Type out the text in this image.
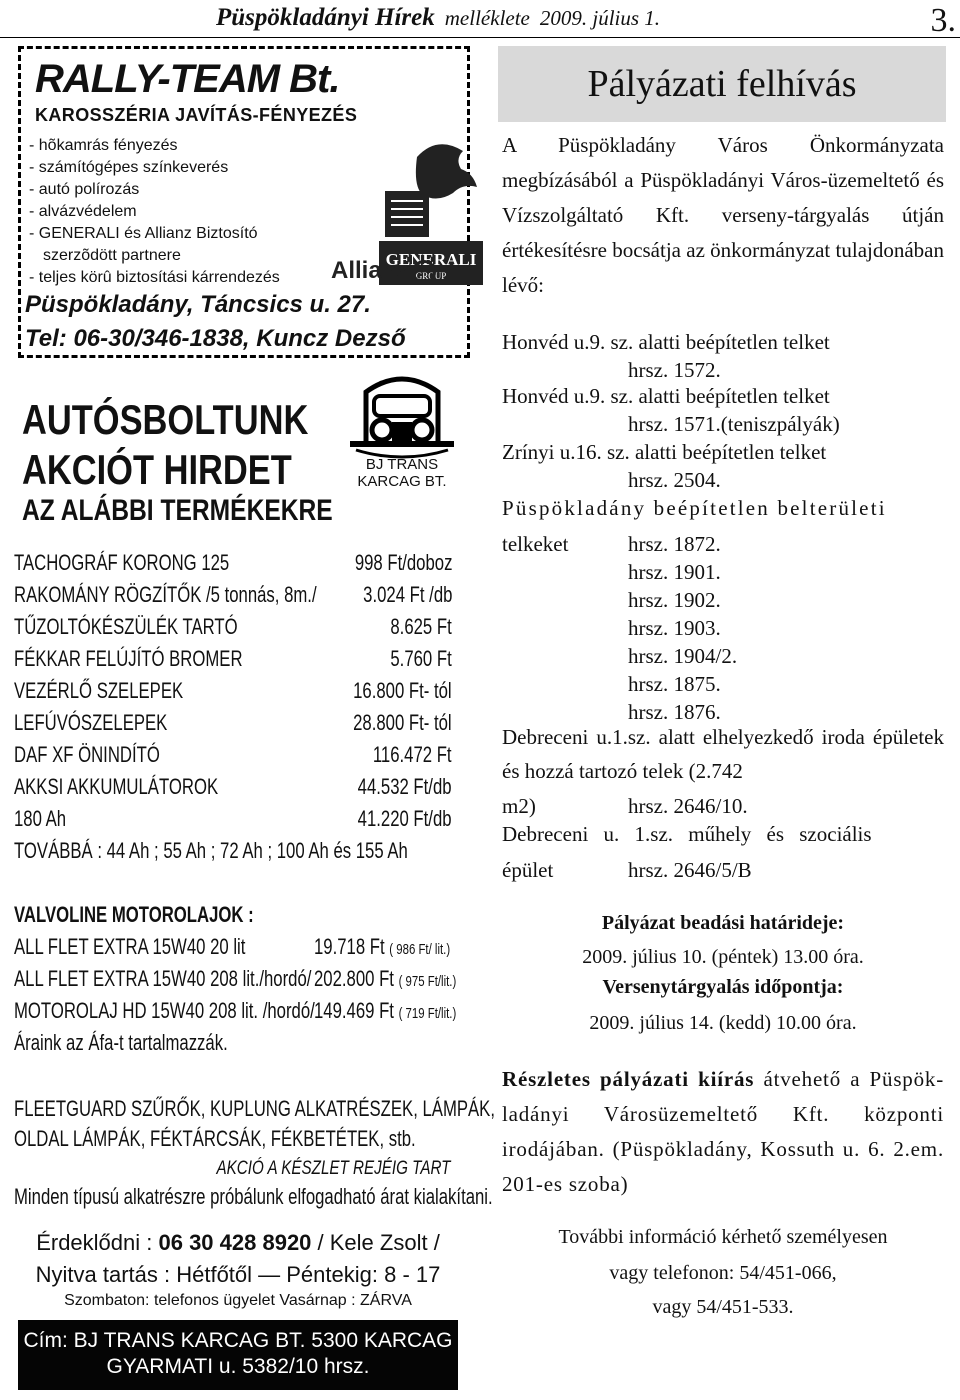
Püspökladányi Hírek melléklete 2009. július 1.	3.
RALLY-TEAM Bt.
KAROSSZÉRIA JAVÍTÁS-FÉNYEZÉS
- hõkamrás fényezés
- számítógépes színkeverés
- autó polírozás
- alvázvédelem
- GENERALI és Allianz Biztosító
szerzõdött partnere
- teljes körû biztosítási kárrendezés
GENERALI
GROUP
Allianz
Püspökladány, Táncsics u. 27.
Tel: 06-30/346-1838, Kuncz Dezső
AUTÓSBOLTUNK
AKCIÓT HIRDET
AZ ALÁBBI TERMÉKEKRE
BJ TRANS
KARCAG BT.
TACHOGRÁF KORONG 125	998 Ft/doboz
RAKOMÁNY RÖGZÍTŐK /5 tonnás, 8m./ 3.024 Ft /db
TŰZOLTÓKÉSZÜLÉK TARTÓ	8.625 Ft
FÉKKAR FELÚJÍTÓ BROMER	5.760 Ft
VEZÉRLŐ SZELEPEK	16.800 Ft- tól
LEFÚVÓSZELEPEK	28.800 Ft- tól
DAF XF ÖNINDÍTÓ	116.472 Ft
AKKSI AKKUMULÁTOROK	44.532 Ft/db
180 Ah	41.220 Ft/db
TOVÁBBÁ : 44 Ah ; 55 Ah ; 72 Ah ; 100 Ah és 155 Ah
VALVOLINE MOTOROLAJOK :
ALL FLET EXTRA 15W40 20 lit	19.718 Ft ( 986 Ft/ lit.)
ALL FLET EXTRA 15W40 208 lit./hordó/ 202.800 Ft ( 975 Ft/lit.)
MOTOROLAJ HD 15W40 208 lit. /hordó/ 149.469 Ft ( 719 Ft/lit.)
Áraink az Áfa-t tartalmazzák.
FLEETGUARD SZŰRŐK, KUPLUNG ALKATRÉSZEK, LÁMPÁK,
OLDAL LÁMPÁK, FÉKTÁRCSÁK, FÉKBETÉTEK, stb.
AKCIÓ A KÉSZLET REJÉIG TART
Minden típusú alkatrészre próbálunk elfogadható árat kialakítani.
Érdeklődni : 06 30 428 8920 / Kele Zsolt /
Nyitva tartás : Hétfőtől — Péntekig: 8 - 17
Szombaton: telefonos ügyelet Vasárnap : ZÁRVA
Cím: BJ TRANS KARCAG BT. 5300 KARCAG
GYARMATI u. 5382/10 hrsz.
Pályázati felhívás
A Püspökladány Város Önkormányzata megbízásából a Püspökladányi Város-üzemeltető és Vízszolgáltató Kft. verseny-tárgyalás útján értékesítésre bocsátja az önkormányzat tulajdonában lévő:
Honvéd u.9. sz. alatti beépítetlen telket
hrsz. 1572.
Honvéd u.9. sz. alatti beépítetlen telket
hrsz. 1571.(teniszpályák)
Zrínyi u.16. sz. alatti beépítetlen telket
hrsz. 2504.
Püspökladány beépítetlen belterületi
telkeket	hrsz. 1872.
hrsz. 1901.
hrsz. 1902.
hrsz. 1903.
hrsz. 1904/2.
hrsz. 1875.
hrsz. 1876.
Debreceni u.1.sz. alatt elhelyezkedő iroda épületek és hozzá tartozó telek (2.742
m2)	hrsz. 2646/10.
Debreceni u. 1.sz. műhely és szociális
épület	hrsz. 2646/5/B
Pályázat beadási határideje:
2009. július 10. (péntek) 13.00 óra.
Versenytárgyalás időpontja:
2009. július 14. (kedd) 10.00 óra.
Részletes pályázati kiírás átvehető a Püspök-ladányi Városüzemeltető Kft. központi irodájában. (Püspökladány, Kossuth u. 6. 2.em. 201-es szoba)
További információ kérhető személyesen
vagy telefonon: 54/451-066,
vagy 54/451-533.
